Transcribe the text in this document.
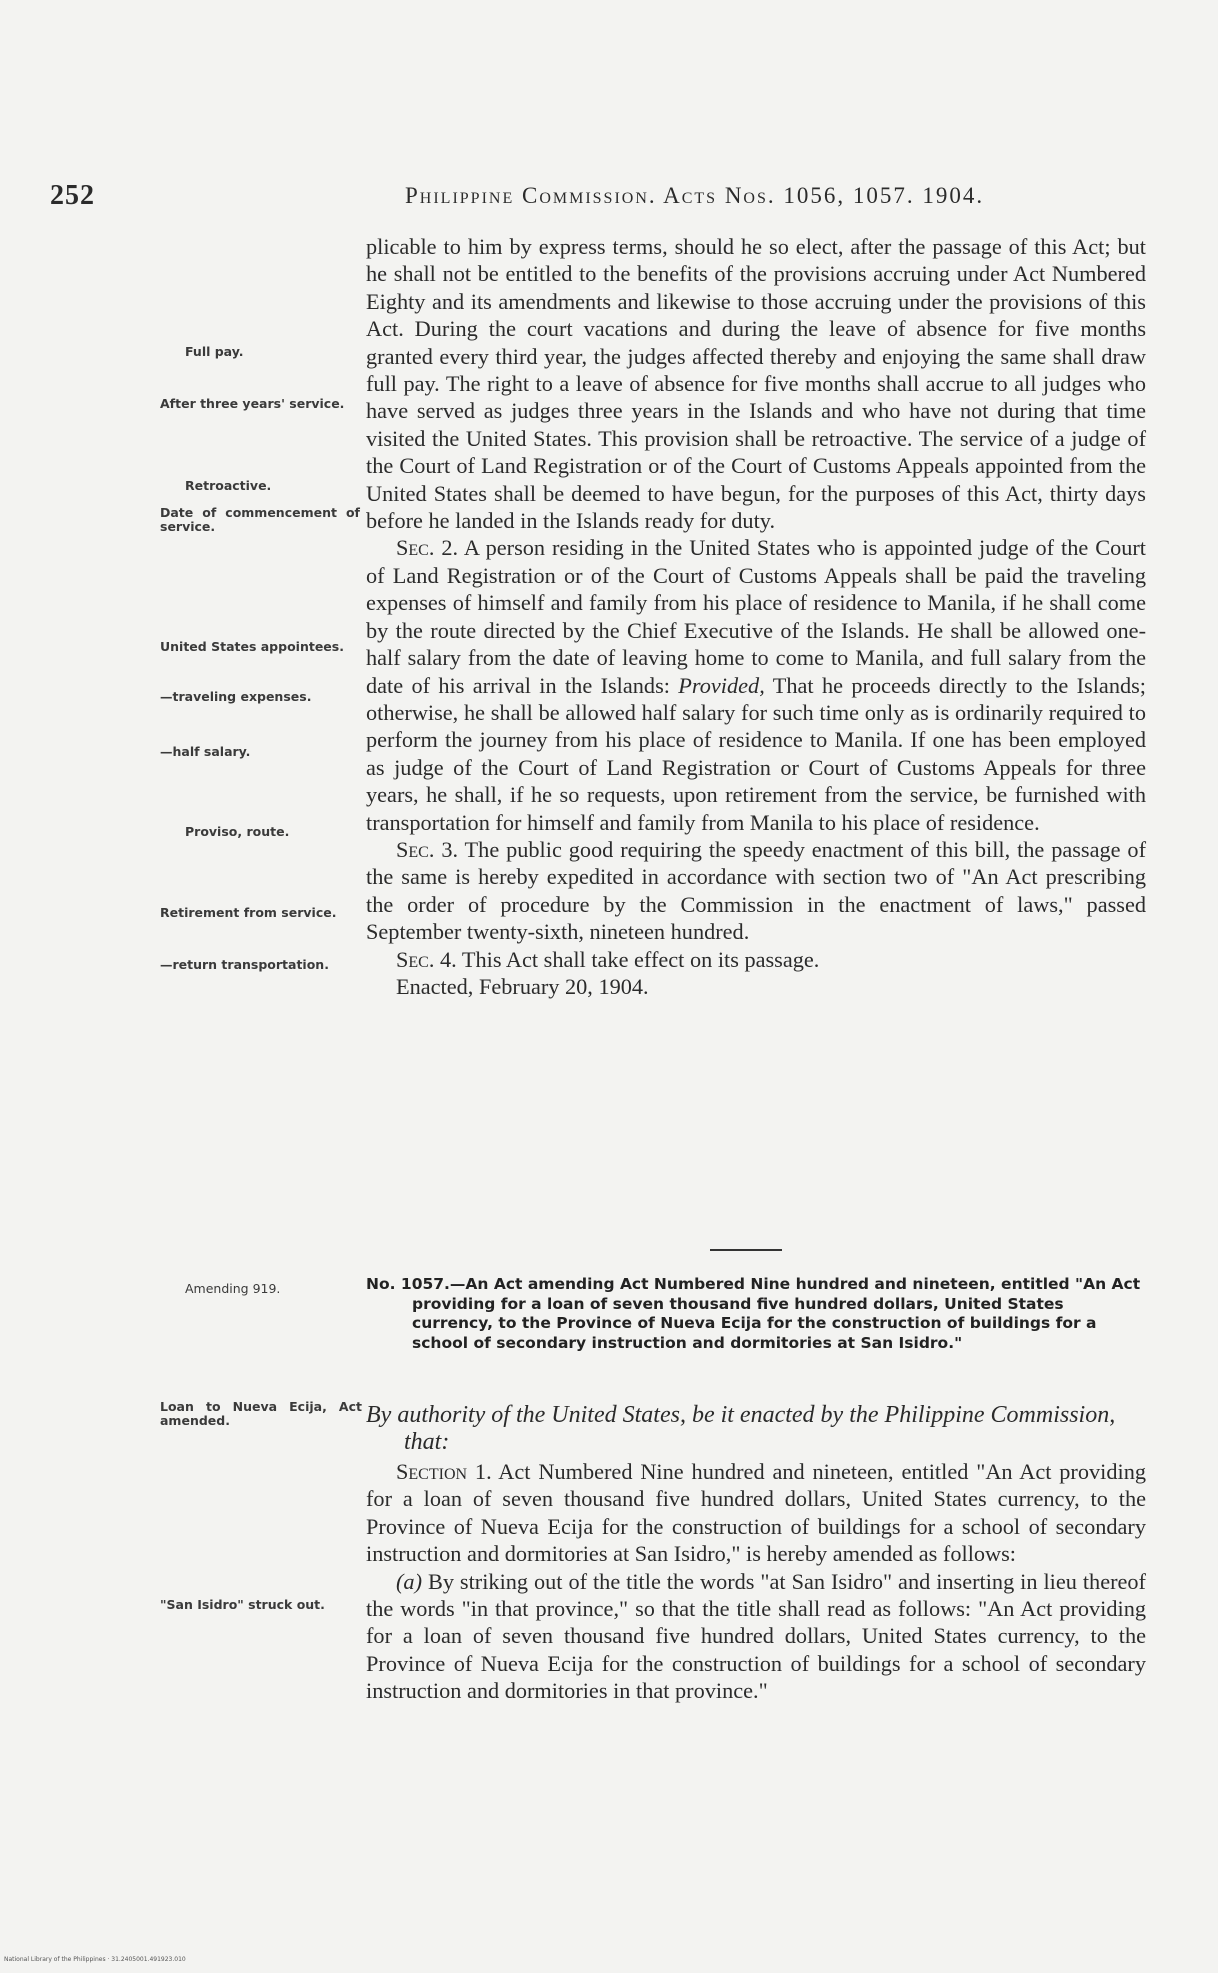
252	Philippine Commission. Acts Nos. 1056, 1057. 1904.
Full pay.
After three years' service.
Retroactive.
Date of commencement of service.
United States appointees.
—traveling expenses.
—half salary.
Proviso, route.
Retirement from service.
—return transportation.
Amending 919.
Loan to Nueva Ecija, Act amended.
"San Isidro" struck out.

plicable to him by express terms, should he so elect, after the passage of this Act; but he shall not be entitled to the benefits of the provisions accruing under Act Numbered Eighty and its amendments and likewise to those accruing under the provisions of this Act. During the court vacations and during the leave of absence for five months granted every third year, the judges affected thereby and enjoying the same shall draw full pay. The right to a leave of absence for five months shall accrue to all judges who have served as judges three years in the Islands and who have not during that time visited the United States. This provision shall be retroactive. The service of a judge of the Court of Land Registration or of the Court of Customs Appeals appointed from the United States shall be deemed to have begun, for the purposes of this Act, thirty days before he landed in the Islands ready for duty.

Sec. 2. A person residing in the United States who is appointed judge of the Court of Land Registration or of the Court of Customs Appeals shall be paid the traveling expenses of himself and family from his place of residence to Manila, if he shall come by the route directed by the Chief Executive of the Islands. He shall be allowed one-half salary from the date of leaving home to come to Manila, and full salary from the date of his arrival in the Islands: Provided, That he proceeds directly to the Islands; otherwise, he shall be allowed half salary for such time only as is ordinarily required to perform the journey from his place of residence to Manila. If one has been employed as judge of the Court of Land Registration or Court of Customs Appeals for three years, he shall, if he so requests, upon retirement from the service, be furnished with transportation for himself and family from Manila to his place of residence.

Sec. 3. The public good requiring the speedy enactment of this bill, the passage of the same is hereby expedited in accordance with section two of "An Act prescribing the order of procedure by the Commission in the enactment of laws," passed September twenty-sixth, nineteen hundred.

Sec. 4. This Act shall take effect on its passage.

Enacted, February 20, 1904.

No. 1057.—An Act amending Act Numbered Nine hundred and nineteen, entitled "An Act providing for a loan of seven thousand five hundred dollars, United States currency, to the Province of Nueva Ecija for the construction of buildings for a school of secondary instruction and dormitories at San Isidro."
By authority of the United States, be it enacted by the Philippine Commission, that:

Section 1. Act Numbered Nine hundred and nineteen, entitled "An Act providing for a loan of seven thousand five hundred dollars, United States currency, to the Province of Nueva Ecija for the construction of buildings for a school of secondary instruction and dormitories at San Isidro," is hereby amended as follows:

(a) By striking out of the title the words "at San Isidro" and inserting in lieu thereof the words "in that province," so that the title shall read as follows: "An Act providing for a loan of seven thousand five hundred dollars, United States currency, to the Province of Nueva Ecija for the construction of buildings for a school of secondary instruction and dormitories in that province."

National Library of the Philippines · 31.2405001.491923.010
